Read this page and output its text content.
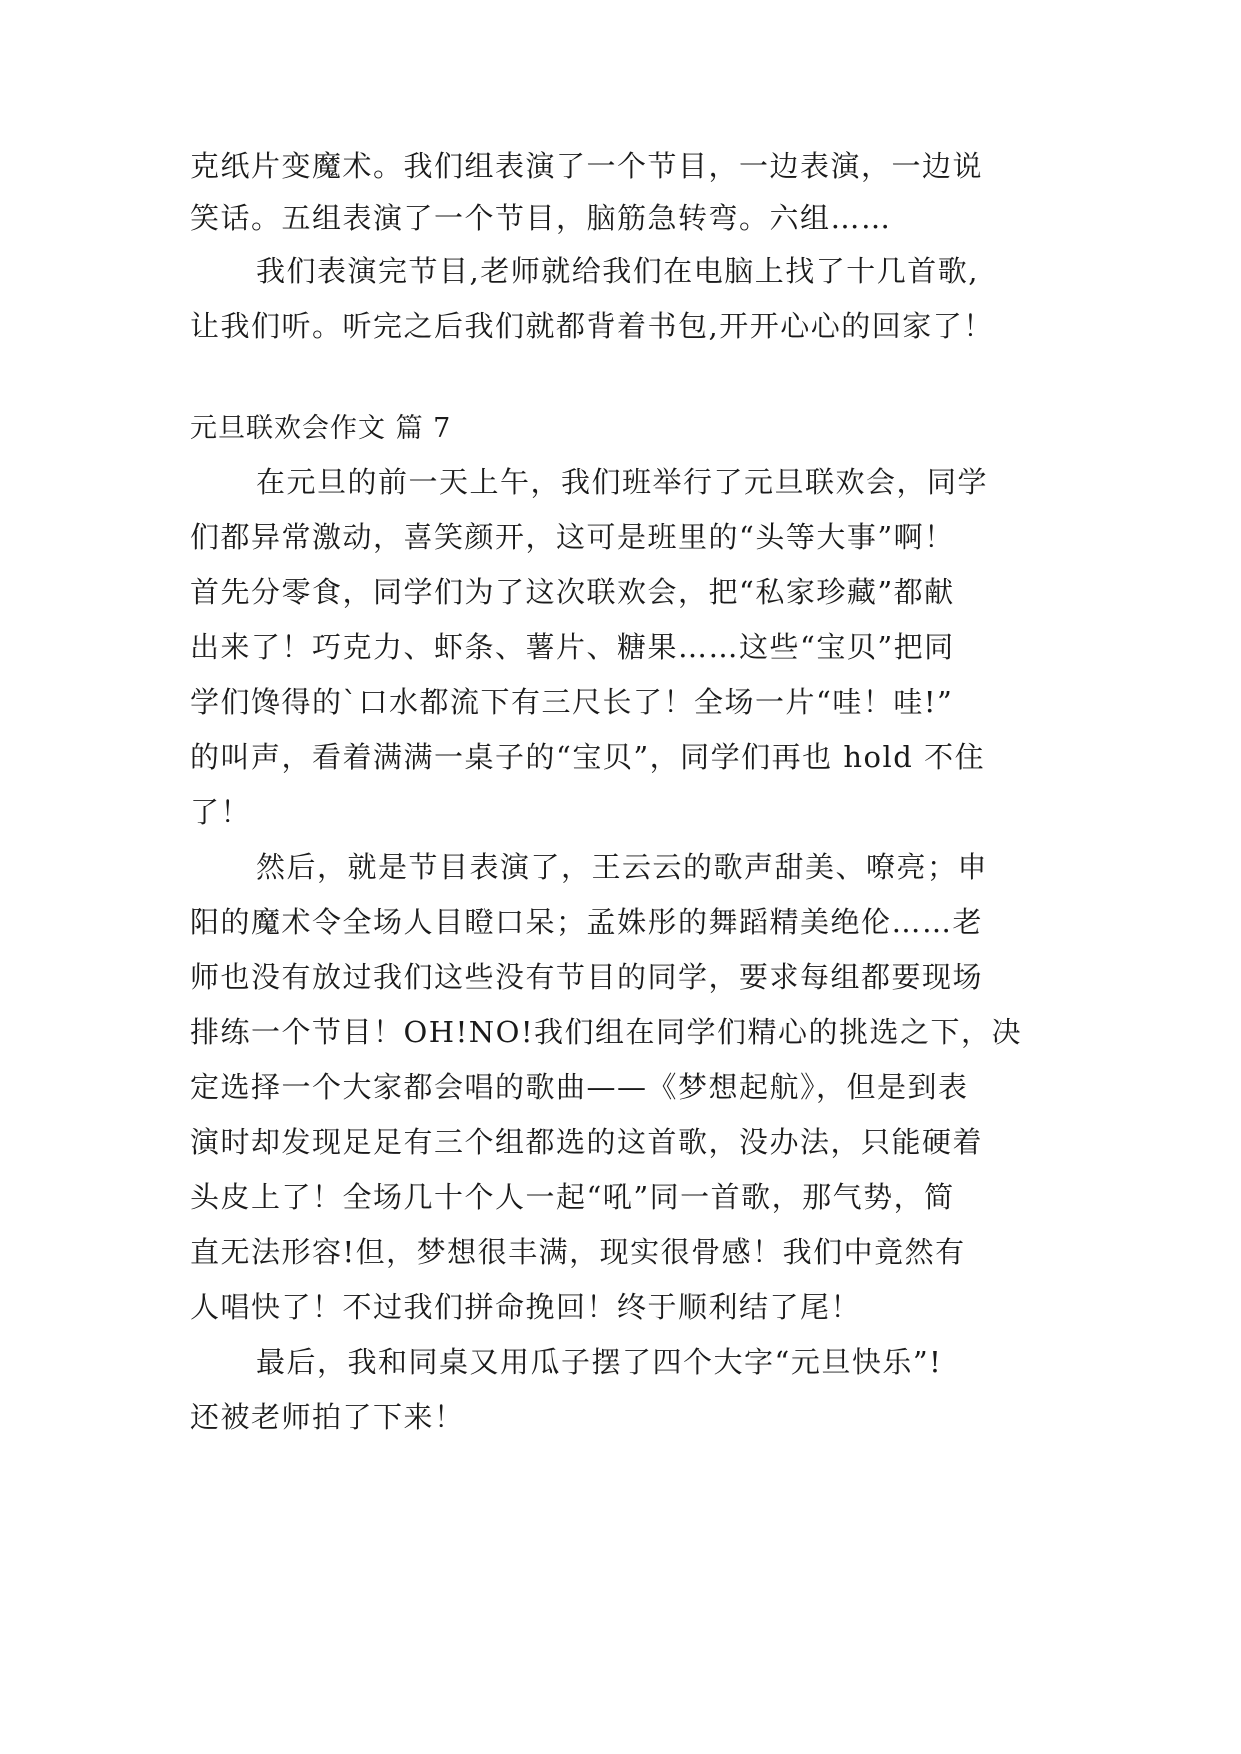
克纸片变魔术。我们组表演了一个节目，一边表演，一边说
笑话。五组表演了一个节目，脑筋急转弯。六组……
我们表演完节目,老师就给我们在电脑上找了十几首歌,
让我们听。听完之后我们就都背着书包,开开心心的回家了！
元旦联欢会作文 篇 7
在元旦的前一天上午，我们班举行了元旦联欢会，同学
们都异常激动，喜笑颜开，这可是班里的“头等大事”啊！
首先分零食，同学们为了这次联欢会，把“私家珍藏”都献
出来了！巧克力、虾条、薯片、糖果……这些“宝贝”把同
学们馋得的`口水都流下有三尺长了！全场一片“哇！哇!”
的叫声，看着满满一桌子的“宝贝”，同学们再也 hold 不住
了！
然后，就是节目表演了，王云云的歌声甜美、嘹亮；申
阳的魔术令全场人目瞪口呆；孟姝彤的舞蹈精美绝伦……老
师也没有放过我们这些没有节目的同学，要求每组都要现场
排练一个节目！OH!NO!我们组在同学们精心的挑选之下，决
定选择一个大家都会唱的歌曲——《梦想起航》，但是到表
演时却发现足足有三个组都选的这首歌，没办法，只能硬着
头皮上了！全场几十个人一起“吼”同一首歌，那气势，简
直无法形容!但，梦想很丰满，现实很骨感！我们中竟然有
人唱快了！不过我们拼命挽回！终于顺利结了尾！
最后，我和同桌又用瓜子摆了四个大字“元旦快乐”!
还被老师拍了下来！
